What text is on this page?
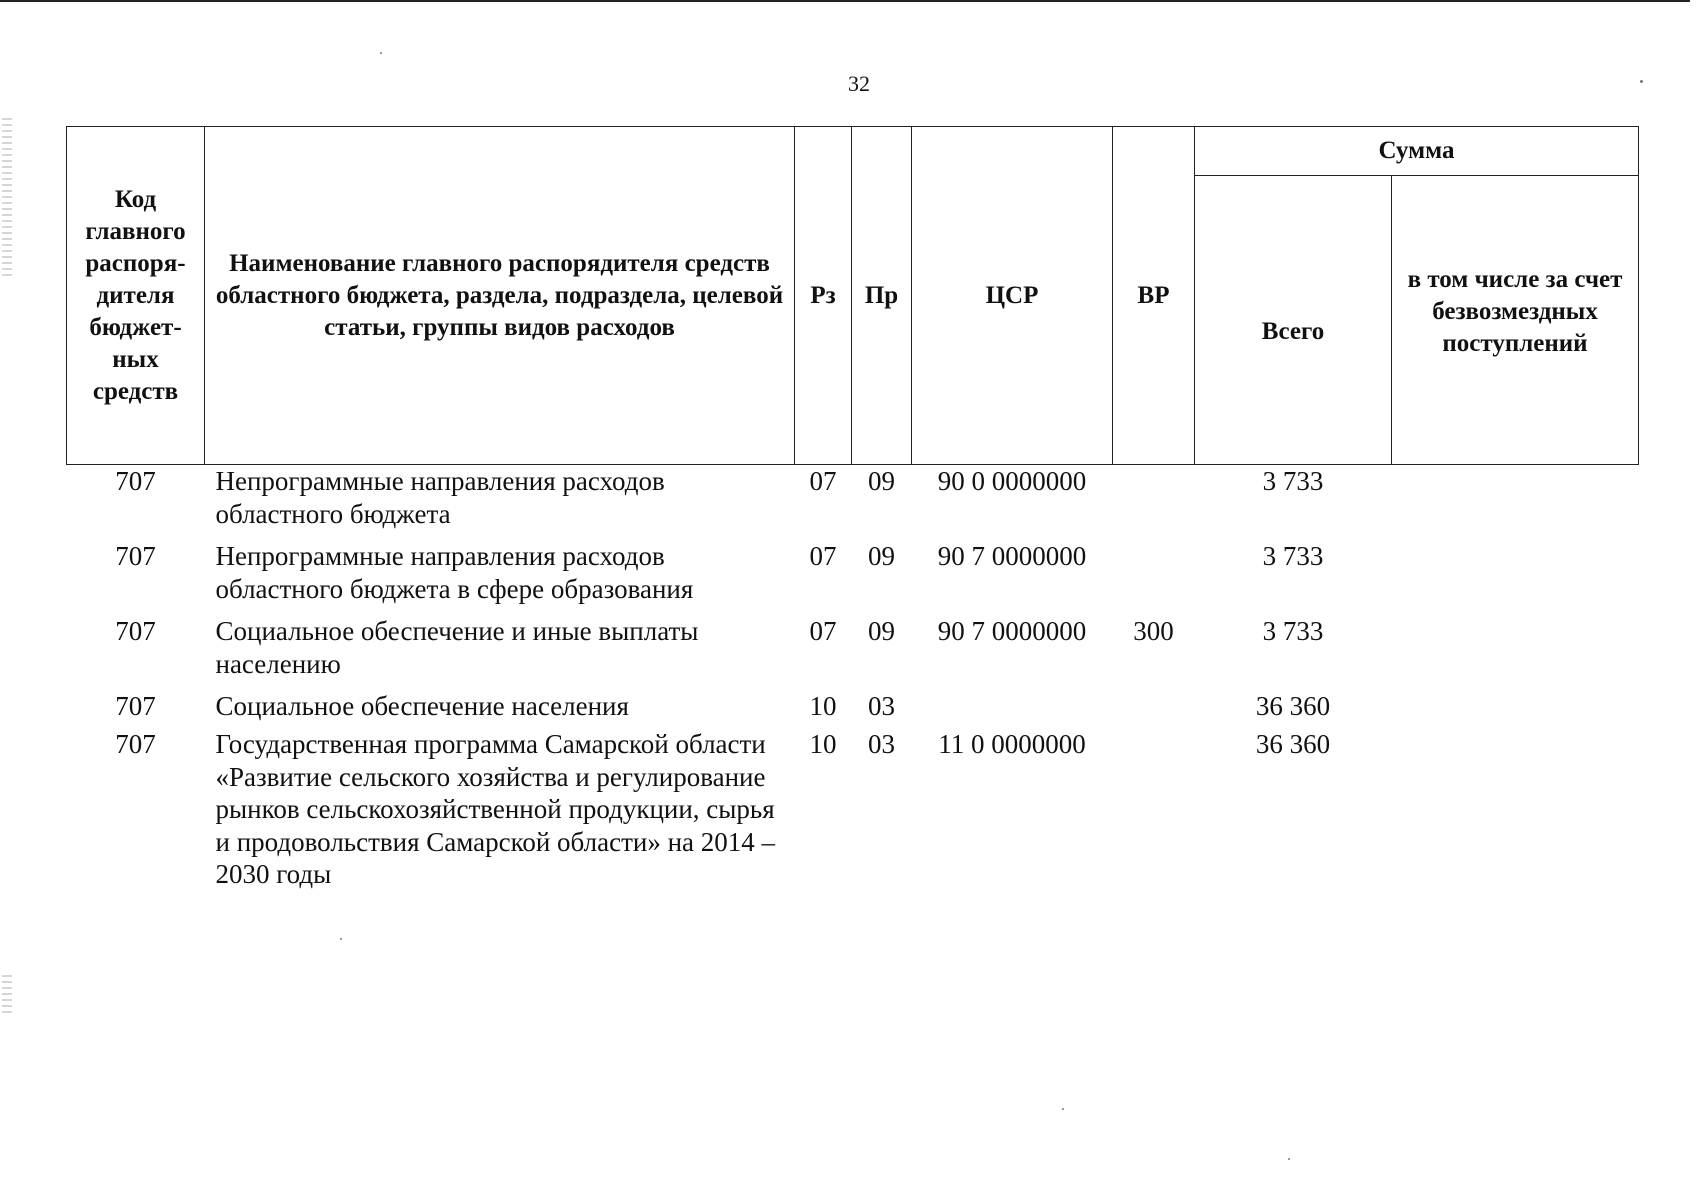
32
Код главного распоря- дителя бюджет- ных средств	Наименование главного распорядителя средств областного бюджета, раздела, подраздела, целевой статьи, группы видов расходов	Рз	Пр	ЦСР	ВР	Сумма	
						Всего	в том числе за счет безвозмездных поступлений
707	Непрограммные направления расходов областного бюджета	07	09	90 0 0000000		3 733	
707	Непрограммные направления расходов областного бюджета в сфере образования	07	09	90 7 0000000		3 733	
707	Социальное обеспечение и иные выплаты населению	07	09	90 7 0000000	300	3 733	
707	Социальное обеспечение населения	10	03			36 360	
707	Государственная программа Самарской области «Развитие сельского хозяйства и регулирование рынков сельскохозяйственной продукции, сырья и продовольствия Самарской области» на 2014 – 2030 годы	10	03	11 0 0000000		36 360	
